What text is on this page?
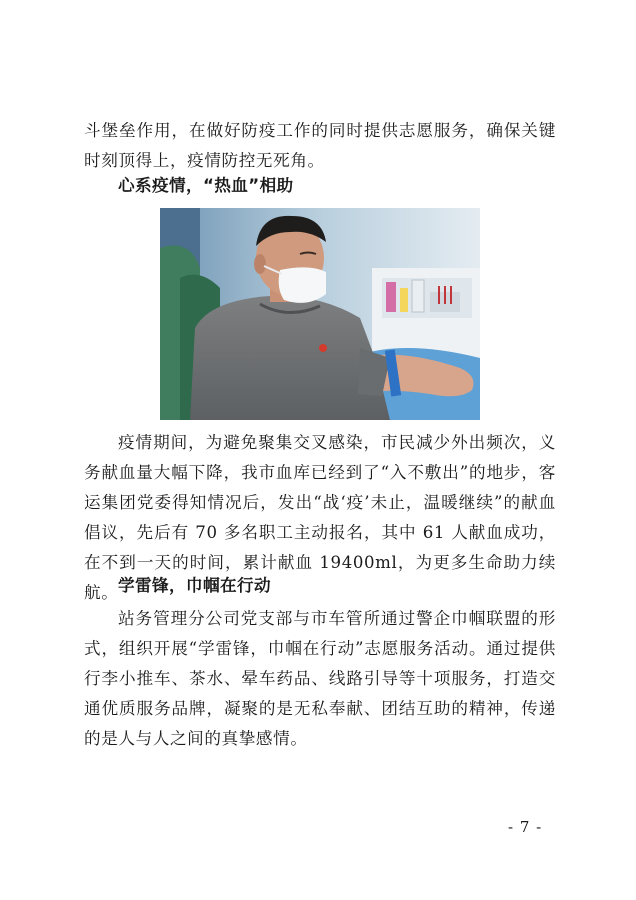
斗堡垒作用，在做好防疫工作的同时提供志愿服务，确保关键时刻顶得上，疫情防控无死角。

心系疫情，“热血”相助

疫情期间，为避免聚集交叉感染，市民减少外出频次，义务献血量大幅下降，我市血库已经到了“入不敷出”的地步，客运集团党委得知情况后，发出“战‘疫’未止，温暖继续”的献血倡议，先后有 70 多名职工主动报名，其中 61 人献血成功，在不到一天的时间，累计献血 19400ml，为更多生命助力续航。 学雷锋，巾帼在行动

站务管理分公司党支部与市车管所通过警企巾帼联盟的形式，组织开展“学雷锋，巾帼在行动”志愿服务活动。通过提供行李小推车、茶水、晕车药品、线路引导等十项服务，打造交通优质服务品牌，凝聚的是无私奉献、团结互助的精神，传递的是人与人之间的真挚感情。

- 7 -
